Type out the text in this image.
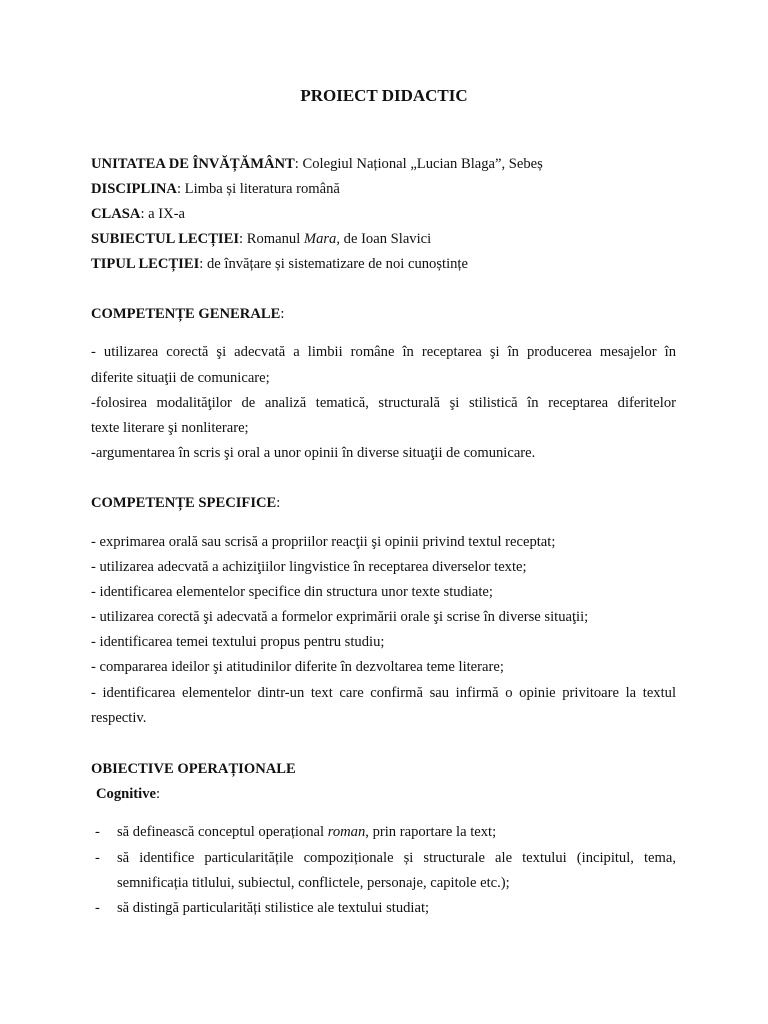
PROIECT DIDACTIC
UNITATEA DE ÎNVĂȚĂMÂNT: Colegiul Național „Lucian Blaga”, Sebeș
DISCIPLINA: Limba și literatura română
CLASA: a IX-a
SUBIECTUL LECȚIEI: Romanul Mara, de Ioan Slavici
TIPUL LECȚIEI: de învățare și sistematizare de noi cunoștințe
COMPETENȚE GENERALE:
- utilizarea corectă şi adecvată a limbii române în receptarea şi în producerea mesajelor în
diferite situaţii de comunicare;
-folosirea modalităţilor de analiză tematică, structurală şi stilistică în receptarea diferitelor
texte literare şi nonliterare;
-argumentarea în scris şi oral a unor opinii în diverse situaţii de comunicare.
COMPETENȚE SPECIFICE:
- exprimarea orală sau scrisă a propriilor reacţii şi opinii privind textul receptat;
- utilizarea adecvată a achiziţiilor lingvistice în receptarea diverselor texte;
- identificarea elementelor specifice din structura unor texte studiate;
- utilizarea corectă şi adecvată a formelor exprimării orale şi scrise în diverse situaţii;
- identificarea temei textului propus pentru studiu;
- compararea ideilor şi atitudinilor diferite în dezvoltarea teme literare;
- identificarea elementelor dintr-un text care confirmă sau infirmă o opinie privitoare la textul
respectiv.
OBIECTIVE OPERAȚIONALE
Cognitive:
- să definească conceptul operațional roman, prin raportare la text;
- să identifice particularitățile compoziționale și structurale ale textului (incipitul, tema,
semnificația titlului, subiectul, conflictele, personaje, capitole etc.);
- să distingă particularități stilistice ale textului studiat;
